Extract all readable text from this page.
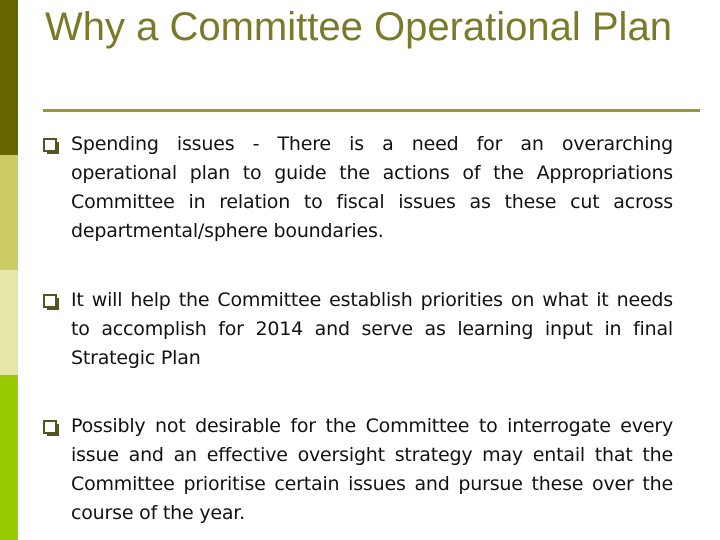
Why a Committee Operational Plan
Spending issues - There is a need for an overarching operational plan to guide the actions of the Appropriations Committee in relation to fiscal issues as these cut across departmental/sphere boundaries.
It will help the Committee establish priorities on what it needs to accomplish for 2014 and serve as learning input in final Strategic Plan
Possibly not desirable for the Committee to interrogate every issue and an effective oversight strategy may entail that the Committee prioritise certain issues and pursue these over the course of the year.
